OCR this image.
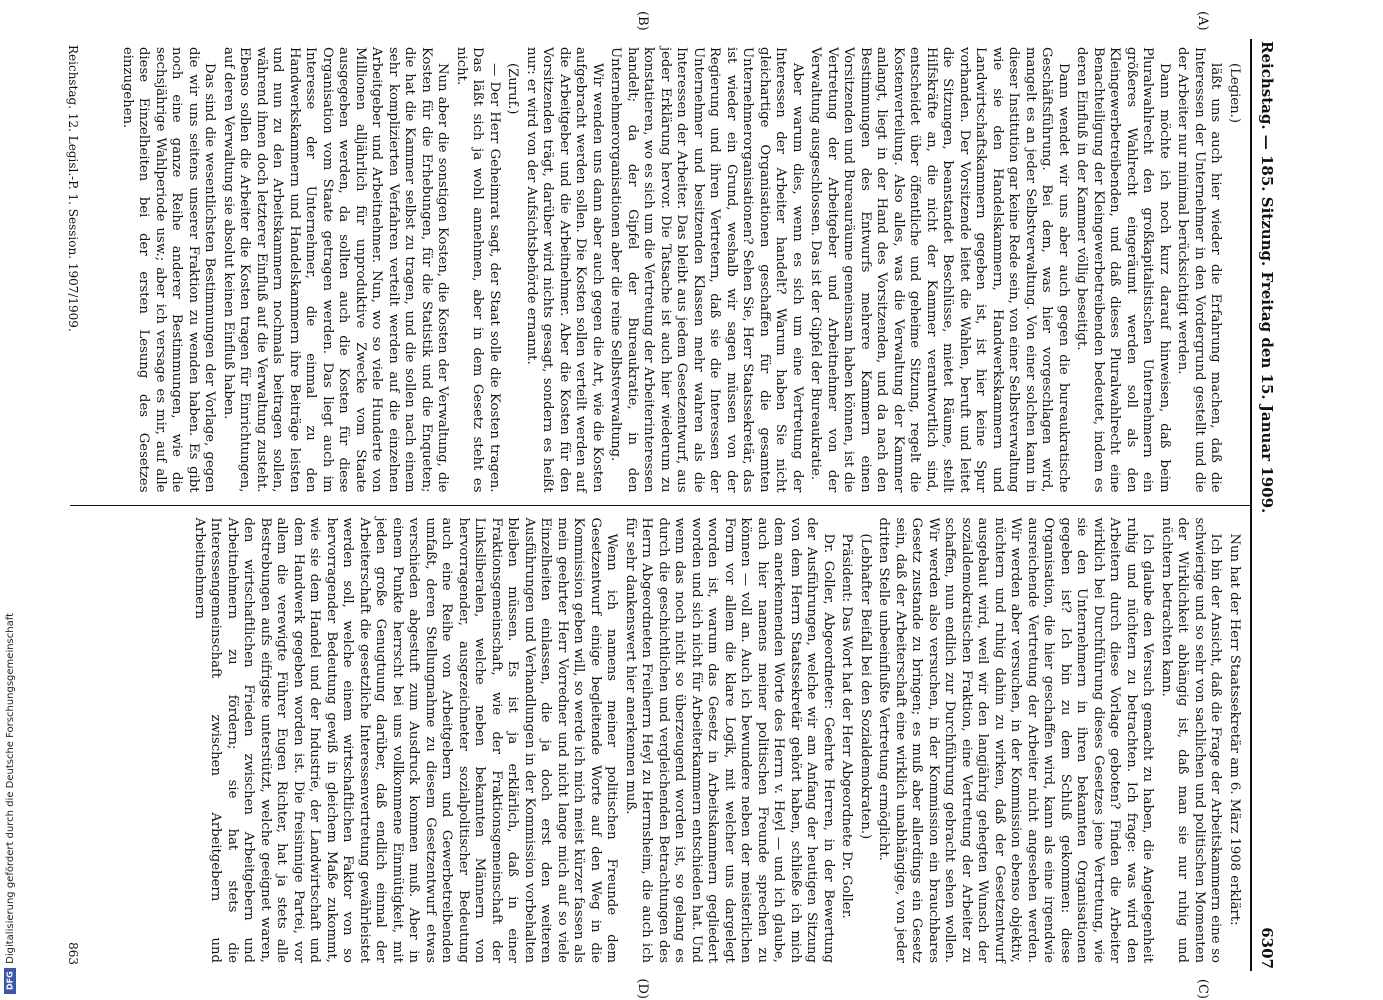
DFG
Digitalisierung gefördert durch die Deutsche Forschungsgemeinschaft
Reichstag. — 185. Sitzung. Freitag den 15. Januar 1909.
6307
(A)
(B)
(C)
(D)

(Legien.)

läßt uns auch hier wieder die Erfahrung machen, daß die Interessen der Unternehmer in den Vordergrund gestellt und die der Arbeiter nur minimal berücksichtigt werden.

Dann möchte ich noch kurz darauf hinweisen, daß beim Pluralwahlrecht den großkapitalistischen Unternehmern ein größeres Wahlrecht eingeräumt werden soll als den Kleingewerbetreibenden, und daß dieses Pluralwahlrecht eine Benachteiligung der Kleingewerbetreibenden bedeutet, indem es deren Einfluß in der Kammer völlig beseitigt.

Dann wendet wir uns aber auch gegen die bureaukratische Geschäftsführung. Bei dem, was hier vorgeschlagen wird, mangelt es an jeder Selbstverwaltung. Von einer solchen kann in dieser Institution gar keine Rede sein, von einer Selbstverwaltung wie sie den Handelskammern, Handwerkskammern und Landwirtschaftskammern gegeben ist, ist hier keine Spur vorhanden. Der Vorsitzende leitet die Wahlen, beruft und leitet die Sitzungen, beanstandet Beschlüsse, mietet Räume, stellt Hilfskräfte an, die nicht der Kammer verantwortlich sind, entscheidet über öffentliche und geheime Sitzung, regelt die Kostenverteilung. Also alles, was die Verwaltung der Kammer anlangt, liegt in der Hand des Vorsitzenden, und da nach den Bestimmungen des Entwurfs mehrere Kammern einen Vorsitzenden und Bureauräume gemeinsam haben können, ist die Vertretung der Arbeitgeber und Arbeitnehmer von der Verwaltung ausgeschlossen. Das ist der Gipfel der Bureaukratie.

Aber warum dies, wenn es sich um eine Vertretung der Interessen der Arbeiter handelt? Warum haben Sie nicht gleichartige Organisationen geschaffen für die gesamten Unternehmerorganisationen? Sehen Sie, Herr Staatssekretär, das ist wieder ein Grund, weshalb wir sagen müssen von der Regierung und ihren Vertretern, daß sie die Interessen der Unternehmer und besitzenden Klassen mehr wahren als die Interessen der Arbeiter. Das bleibt aus jedem Gesetzentwurf, aus jeder Erklärung hervor. Die Tatsache ist auch hier wiederum zu konstatieren, wo es sich um die Vertretung der Arbeiterinteressen handelt; da der Gipfel der Bureaukratie, in den Unternehmerorganisationen aber die reine Selbstverwaltung.

Wir wenden uns dann aber auch gegen die Art, wie die Kosten aufgebracht werden sollen. Die Kosten sollen verteilt werden auf die Arbeitgeber und die Arbeitnehmer. Aber die Kosten für den Vorsitzenden trägt, darüber wird nichts gesagt, sondern es heißt nur: er wird von der Aufsichtsbehörde ernannt.

(Zuruf.)

— Der Herr Geheimrat sagt, der Staat solle die Kosten tragen. Das läßt sich ja wohl annehmen, aber in dem Gesetz steht es nicht.

Nun aber die sonstigen Kosten, die Kosten der Verwaltung, die Kosten für die Erhebungen, für die Statistik und die Enqueten; die hat die Kammer selbst zu tragen, und die sollen nach einem sehr komplizierten Verfahren verteilt werden auf die einzelnen Arbeitgeber und Arbeitnehmer. Nun, wo so viele Hunderte von Millionen alljährlich für unproduktive Zwecke vom Staate ausgegeben werden, da sollten auch die Kosten für diese Organisation vom Staate getragen werden. Das liegt auch im Interesse der Unternehmer, die einmal zu den Handwerkskammern und Handelskammern ihre Beiträge leisten und nun zu den Arbeitskammern nochmals beitragen sollen, während ihnen doch letzterer Einfluß auf die Verwaltung zusteht. Ebenso sollen die Arbeiter die Kosten tragen für Einrichtungen, auf deren Verwaltung sie absolut keinen Einfluß haben.

Das sind die wesentlichsten Bestimmungen der Vorlage, gegen die wir uns seitens unserer Fraktion zu wenden haben. Es gibt noch eine ganze Reihe anderer Bestimmungen, wie die sechsjährige Wahlperiode usw.; aber ich versage es mir, auf alle diese Einzelheiten bei der ersten Lesung des Gesetzes einzugehen.

Nun hat der Herr Staatssekretär am 6. März 1908 erklärt:

Ich bin der Ansicht, daß die Frage der Arbeitskammern eine so schwierige und so sehr von sachlichen und politischen Momenten der Wirklichkeit abhängig ist, daß man sie nur ruhig und nüchtern betrachten kann.

Ich glaube den Versuch gemacht zu haben, die Angelegenheit ruhig und nüchtern zu betrachten. Ich frage: was wird den Arbeitern durch diese Vorlage geboten? Finden die Arbeiter wirklich bei Durchführung dieses Gesetzes jene Vertretung, wie sie den Unternehmern in ihren bekannten Organisationen gegeben ist? Ich bin zu dem Schluß gekommen: diese Organisation, die hier geschaffen wird, kann als eine irgendwie ausreichende Vertretung der Arbeiter nicht angesehen werden. Wir werden aber versuchen, in der Kommission ebenso objektiv, nüchtern und ruhig dahin zu wirken, daß der Gesetzentwurf ausgebaut wird, weil wir den langjährig gehegten Wunsch der sozialdemokratischen Fraktion, eine Vertretung der Arbeiter zu schaffen, nun endlich zur Durchführung gebracht sehen wollen. Wir werden also versuchen, in der Kommission ein brauchbares Gesetz zustande zu bringen; es muß aber allerdings ein Gesetz sein, daß der Arbeiterschaft eine wirklich unabhängige, von jeder dritten Stelle unbeeinflußte Vertretung ermöglicht.

(Lebhafter Beifall bei den Sozialdemokraten.)

Präsident: Das Wort hat der Herr Abgeordnete Dr. Goller.

Dr. Goller, Abgeordneter: Geehrte Herren, in der Bewertung der Ausführungen, welche wir am Anfang der heutigen Sitzung von dem Herrn Staatssekretär gehört haben, schließe ich mich dem anerkennenden Worte des Herrn v. Heyl — und ich glaube, auch hier namens meiner politischen Freunde sprechen zu können — voll an. Auch ich bewundere neben der meisterlichen Form vor allem die klare Logik, mit welcher uns dargelegt worden ist, warum das Gesetz in Arbeitskammern gegliedert worden und sich nicht für Arbeiterkammern entschieden hat. Und wenn das noch nicht so überzeugend worden ist, so gelang es durch die geschichtlichen und vergleichenden Betrachtungen des Herrn Abgeordneten Freiherrn Heyl zu Herrnsheim, die auch ich für sehr dankenswert hier anerkennen muß.

Wenn ich namens meiner politischen Freunde dem Gesetzentwurf einige begleitende Worte auf den Weg in die Kommission geben will, so werde ich mich meist kürzer fassen als mein geehrter Herr Vorredner und nicht lange mich auf so viele Einzelheiten einlassen, die ja doch erst den weiteren Ausführungen und Verhandlungen in der Kommission vorbehalten bleiben müssen. Es ist ja erklärlich, daß in einer Fraktionsgemeinschaft, wie der Fraktionsgemeinschaft der Linksliberalen, welche neben bekannten Männern von hervorragender, ausgezeichneter sozialpolitischer Bedeutung auch eine Reihe von Arbeitgebern und Gewerbetreibenden umfaßt, deren Stellungnahme zu diesem Gesetzentwurf etwas verschieden abgestuft zum Ausdruck kommen muß. Aber in einem Punkte herrscht bei uns vollkommene Einmütigkeit, mit jeden große Genugtuung darüber, daß endlich einmal der Arbeiterschaft die gesetzliche Interessenvertretung gewährleistet werden soll, welche einem wirtschaftlichen Faktor von so hervorragender Bedeutung gewiß in gleichem Maße zukommt, wie sie dem Handel und der Industrie, der Landwirtschaft und dem Handwerk gegeben worden ist. Die freisinnige Partei, vor allem die verewigte Führer Eugen Richter, hat ja stets alle Bestrebungen aufs eifrigste unterstützt, welche geeignet waren, den wirtschaftlichen Frieden zwischen Arbeitgebern und Arbeitnehmern zu fördern; sie hat stets die Interessengemeinschaft zwischen Arbeitgebern und Arbeitnehmern

Reichstag. 12. Legisl.-P. 1. Session. 1907/1909.
863
